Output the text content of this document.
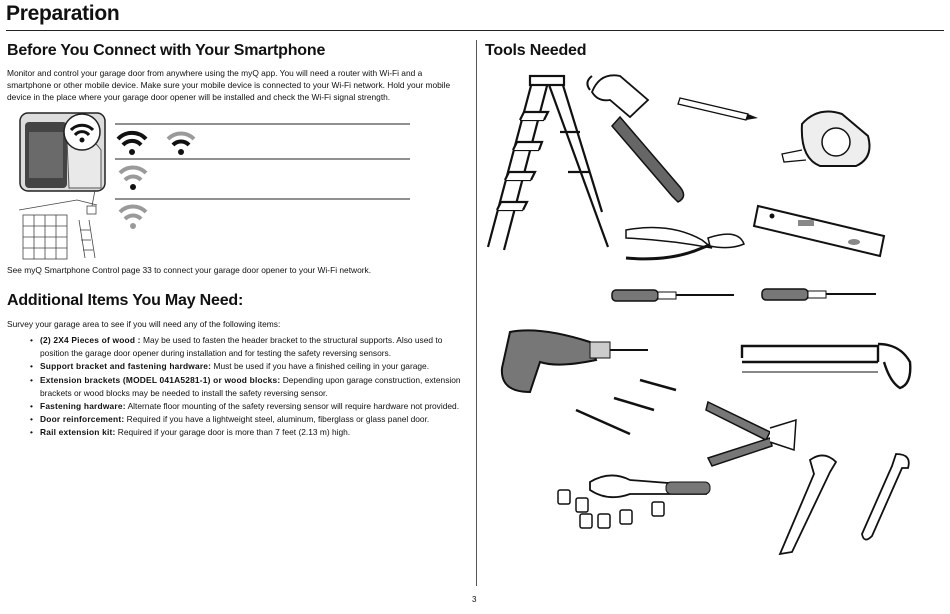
Preparation
Before You Connect with Your Smartphone

Monitor and control your garage door from anywhere using the myQ app. You will need a router with Wi-Fi and a smartphone or other mobile device. Make sure your mobile device is connected to your Wi-Fi network. Hold your mobile device in the place where your garage door opener will be installed and check the Wi-Fi signal strength.

See myQ Smartphone Control page 33 to connect your garage door opener to your Wi-Fi network.

Additional Items You May Need:

Survey your garage area to see if you will need any of the following items:

• (2) 2X4 Pieces of wood : May be used to fasten the header bracket to the structural supports. Also used to position the garage door opener during installation and for testing the safety reversing sensors.
• Support bracket and fastening hardware: Must be used if you have a finished ceiling in your garage.
• Extension brackets (MODEL 041A5281-1) or wood blocks: Depending upon garage construction, extension brackets or wood blocks may be needed to install the safety reversing sensor.
• Fastening hardware: Alternate floor mounting of the safety reversing sensor will require hardware not provided.
• Door reinforcement: Required if you have a lightweight steel, aluminum, fiberglass or glass panel door.
• Rail extension kit: Required if your garage door is more than 7 feet (2.13 m) high.
Tools Needed
3
